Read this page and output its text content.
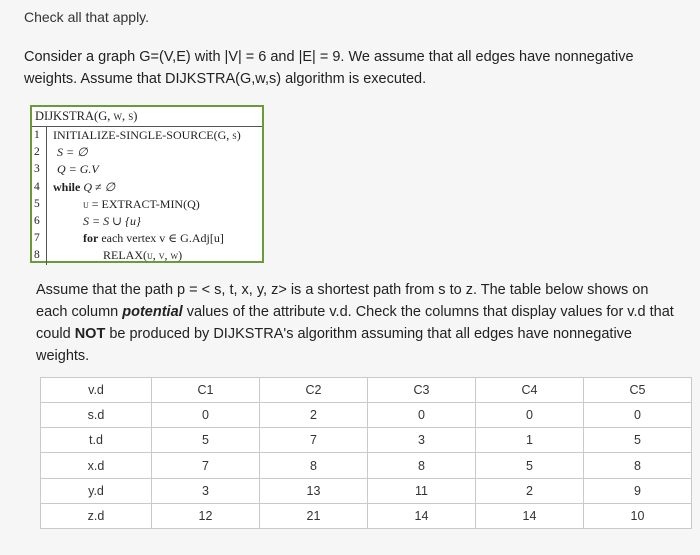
Check all that apply.
Consider a graph G=(V,E) with |V| = 6 and |E| = 9. We assume that all edges have nonnegative
weights. Assume that DIJKSTRA(G,w,s) algorithm is executed.
DIJKSTRA(G, w, s)
1	INITIALIZE-SINGLE-SOURCE(G, s)
2	S = ∅
3	Q = G.V
4	while Q ≠ ∅
5	u = EXTRACT-MIN(Q)
6	S = S ∪ {u}
7	for each vertex v ∈ G.Adj[u]
8	RELAX(u, v, w)
Assume that the path p = < s, t, x, y, z> is a shortest path from s to z. The table below shows on each column potential values of the attribute v.d. Check the columns that display values for v.d that could NOT be produced by DIJKSTRA's algorithm assuming that all edges have nonnegative weights.
v.d	C1	C2	C3	C4	C5
s.d	0	2	0	0	0
t.d	5	7	3	1	5
x.d	7	8	8	5	8
y.d	3	13	11	2	9
z.d	12	21	14	14	10
